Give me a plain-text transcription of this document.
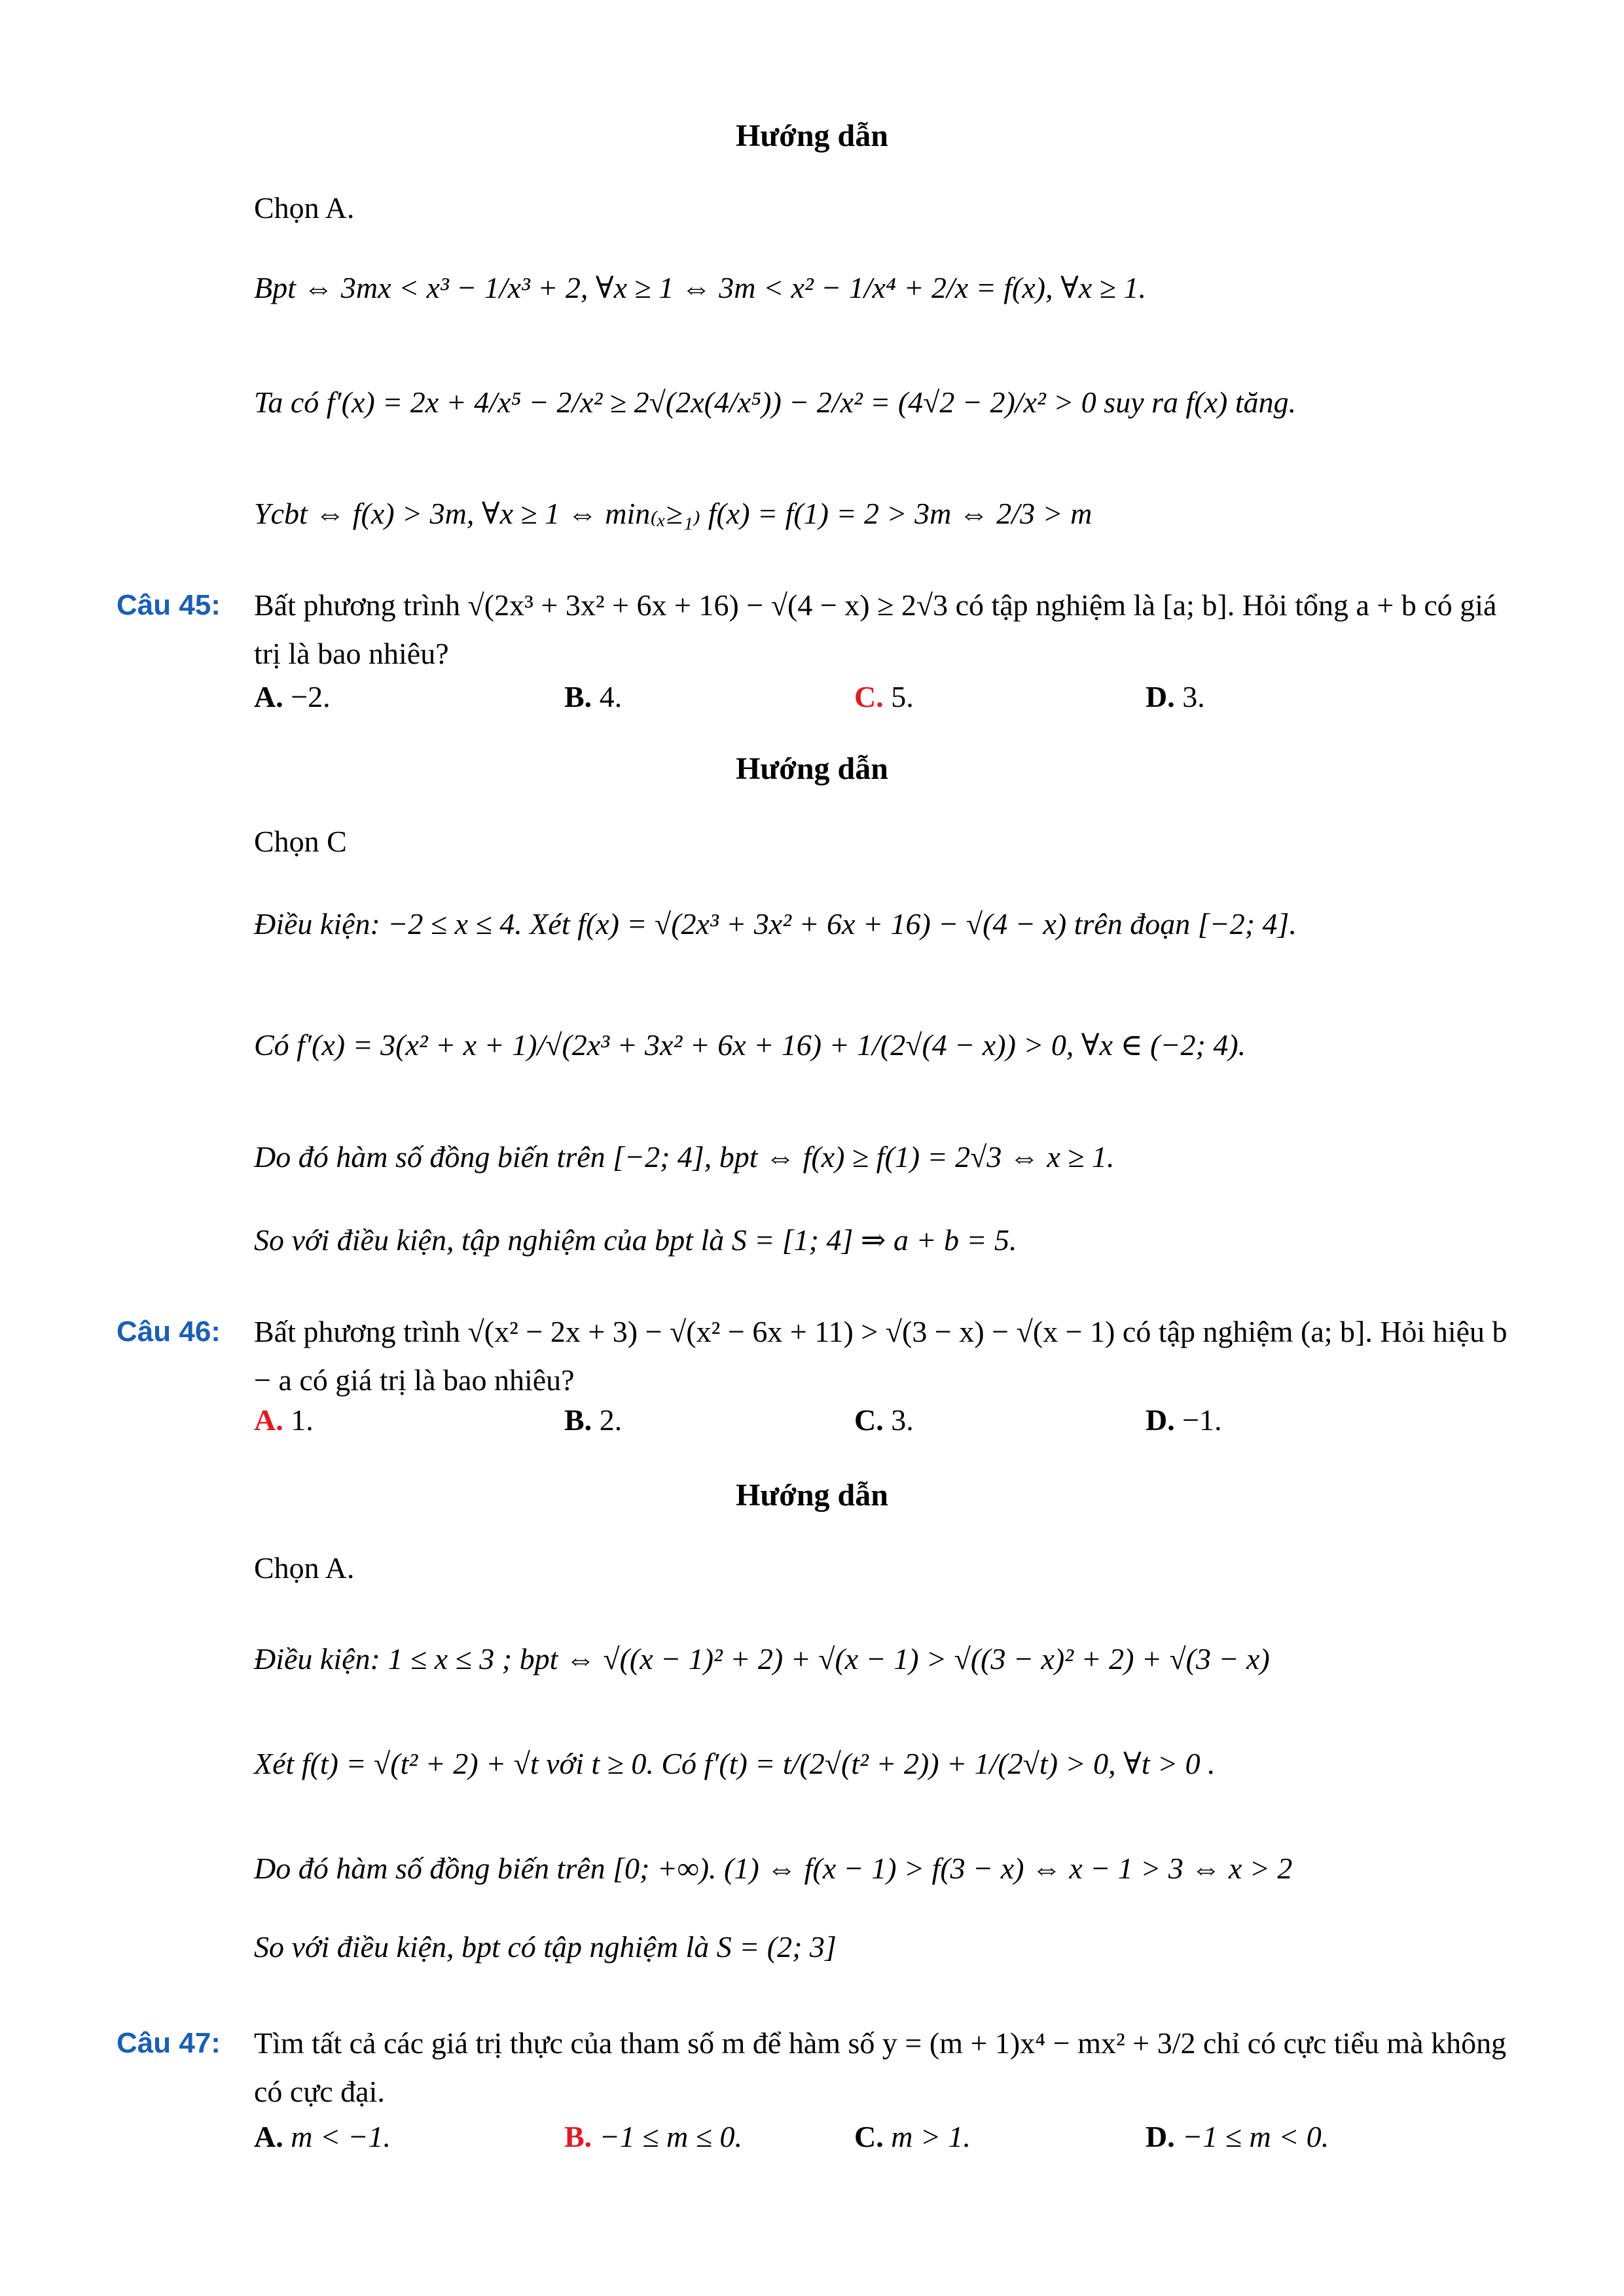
Hướng dẫn
Chọn A.
Bpt ⇔ 3mx < x³ − 1/x³ + 2, ∀x ≥ 1 ⇔ 3m < x² − 1/x⁴ + 2/x = f(x), ∀x ≥ 1.
Ta có f′(x) = 2x + 4/x⁵ − 2/x² ≥ 2√(2x(4/x⁵)) − 2/x² = (4√2 − 2)/x² > 0 suy ra f(x) tăng.
Ycbt ⇔ f(x) > 3m, ∀x ≥ 1 ⇔ min₍ₓ≥₁₎ f(x) = f(1) = 2 > 3m ⇔ 2/3 > m
Câu 45: Bất phương trình √(2x³ + 3x² + 6x + 16) − √(4 − x) ≥ 2√3 có tập nghiệm là [a; b]. Hỏi tổng a + b có giá trị là bao nhiêu?
A. −2.	B. 4.	C. 5.	D. 3.
Hướng dẫn
Chọn C
Điều kiện: −2 ≤ x ≤ 4. Xét f(x) = √(2x³ + 3x² + 6x + 16) − √(4 − x) trên đoạn [−2; 4].
Có f′(x) = 3(x² + x + 1)/√(2x³ + 3x² + 6x + 16) + 1/(2√(4 − x)) > 0, ∀x ∈ (−2; 4).
Do đó hàm số đồng biến trên [−2; 4], bpt ⇔ f(x) ≥ f(1) = 2√3 ⇔ x ≥ 1.
So với điều kiện, tập nghiệm của bpt là S = [1; 4] ⇒ a + b = 5.
Câu 46: Bất phương trình √(x² − 2x + 3) − √(x² − 6x + 11) > √(3 − x) − √(x − 1) có tập nghiệm (a; b]. Hỏi hiệu b − a có giá trị là bao nhiêu?
A. 1.	B. 2.	C. 3.	D. −1.
Hướng dẫn
Chọn A.
Điều kiện: 1 ≤ x ≤ 3 ; bpt ⇔ √((x − 1)² + 2) + √(x − 1) > √((3 − x)² + 2) + √(3 − x)
Xét f(t) = √(t² + 2) + √t với t ≥ 0. Có f′(t) = t/(2√(t² + 2)) + 1/(2√t) > 0, ∀t > 0 .
Do đó hàm số đồng biến trên [0; +∞). (1) ⇔ f(x − 1) > f(3 − x) ⇔ x − 1 > 3 ⇔ x > 2
So với điều kiện, bpt có tập nghiệm là S = (2; 3]
Câu 47: Tìm tất cả các giá trị thực của tham số m để hàm số y = (m + 1)x⁴ − mx² + 3/2 chỉ có cực tiểu mà không có cực đại.
A. m < −1.	B. −1 ≤ m ≤ 0.	C. m > 1.	D. −1 ≤ m < 0.
